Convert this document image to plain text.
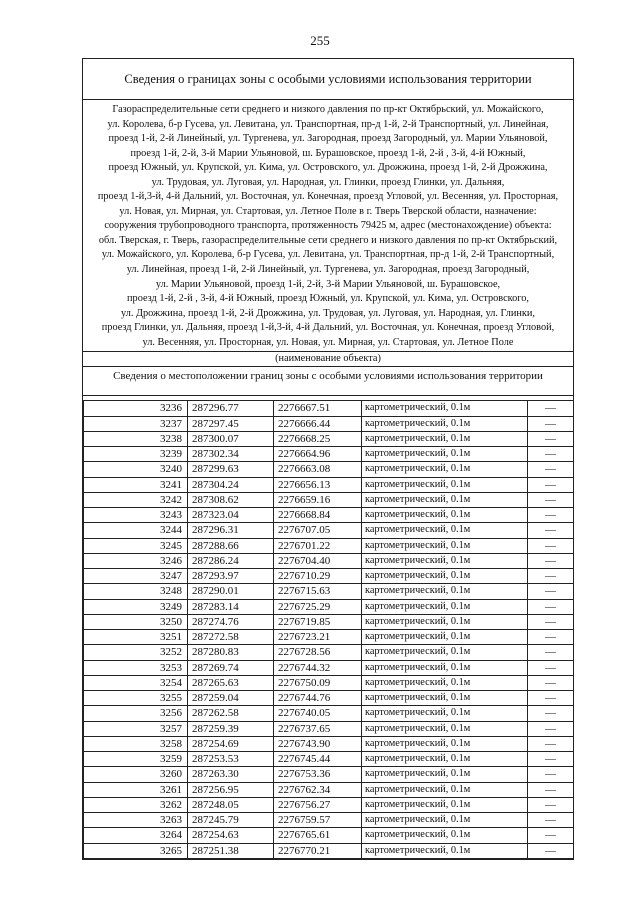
255
Сведения о границах зоны с особыми условиями использования территории
Газораспределительные сети среднего и низкого давления по пр-кт Октябрьский, ул. Можайского,
ул. Королева, б-р Гусева, ул. Левитана, ул. Транспортная, пр-д 1-й, 2-й Транспортный, ул. Линейная,
проезд 1-й, 2-й Линейный, ул. Тургенева, ул. Загородная, проезд Загородный, ул. Марии Ульяновой,
проезд 1-й, 2-й, 3-й Марии Ульяновой, ш. Бурашовское, проезд 1-й, 2-й , 3-й, 4-й Южный,
проезд Южный, ул. Крупской, ул. Кима, ул. Островского, ул. Дрожжина, проезд 1-й, 2-й Дрожжина,
ул. Трудовая, ул. Луговая, ул. Народная, ул. Глинки, проезд Глинки, ул. Дальняя,
проезд 1-й,3-й, 4-й Дальний, ул. Восточная, ул. Конечная, проезд Угловой, ул. Весенняя, ул. Просторная,
ул. Новая, ул. Мирная, ул. Стартовая, ул. Летное Поле в г. Тверь Тверской области, назначение:
сооружения трубопроводного транспорта, протяженность 79425 м, адрес (местонахождение) объекта:
обл. Тверская, г. Тверь, газораспределительные сети среднего и низкого давления по пр-кт Октябрьский,
ул. Можайского, ул. Королева, б-р Гусева, ул. Левитана, ул. Транспортная, пр-д 1-й, 2-й Транспортный,
ул. Линейная, проезд 1-й, 2-й Линейный, ул. Тургенева, ул. Загородная, проезд Загородный,
ул. Марии Ульяновой, проезд 1-й, 2-й, 3-й Марии Ульяновой, ш. Бурашовское,
проезд 1-й, 2-й , 3-й, 4-й Южный, проезд Южный, ул. Крупской, ул. Кима, ул. Островского,
ул. Дрожжина, проезд 1-й, 2-й Дрожжина, ул. Трудовая, ул. Луговая, ул. Народная, ул. Глинки,
проезд Глинки, ул. Дальняя, проезд 1-й,3-й, 4-й Дальний, ул. Восточная, ул. Конечная, проезд Угловой,
ул. Весенняя, ул. Просторная, ул. Новая, ул. Мирная, ул. Стартовая, ул. Летное Поле
(наименование объекта)
Сведения о местоположении границ зоны с особыми условиями использования территории
3236	287296.77	2276667.51	картометрический, 0.1м	—
3237	287297.45	2276666.44	картометрический, 0.1м	—
3238	287300.07	2276668.25	картометрический, 0.1м	—
3239	287302.34	2276664.96	картометрический, 0.1м	—
3240	287299.63	2276663.08	картометрический, 0.1м	—
3241	287304.24	2276656.13	картометрический, 0.1м	—
3242	287308.62	2276659.16	картометрический, 0.1м	—
3243	287323.04	2276668.84	картометрический, 0.1м	—
3244	287296.31	2276707.05	картометрический, 0.1м	—
3245	287288.66	2276701.22	картометрический, 0.1м	—
3246	287286.24	2276704.40	картометрический, 0.1м	—
3247	287293.97	2276710.29	картометрический, 0.1м	—
3248	287290.01	2276715.63	картометрический, 0.1м	—
3249	287283.14	2276725.29	картометрический, 0.1м	—
3250	287274.76	2276719.85	картометрический, 0.1м	—
3251	287272.58	2276723.21	картометрический, 0.1м	—
3252	287280.83	2276728.56	картометрический, 0.1м	—
3253	287269.74	2276744.32	картометрический, 0.1м	—
3254	287265.63	2276750.09	картометрический, 0.1м	—
3255	287259.04	2276744.76	картометрический, 0.1м	—
3256	287262.58	2276740.05	картометрический, 0.1м	—
3257	287259.39	2276737.65	картометрический, 0.1м	—
3258	287254.69	2276743.90	картометрический, 0.1м	—
3259	287253.53	2276745.44	картометрический, 0.1м	—
3260	287263.30	2276753.36	картометрический, 0.1м	—
3261	287256.95	2276762.34	картометрический, 0.1м	—
3262	287248.05	2276756.27	картометрический, 0.1м	—
3263	287245.79	2276759.57	картометрический, 0.1м	—
3264	287254.63	2276765.61	картометрический, 0.1м	—
3265	287251.38	2276770.21	картометрический, 0.1м	—
